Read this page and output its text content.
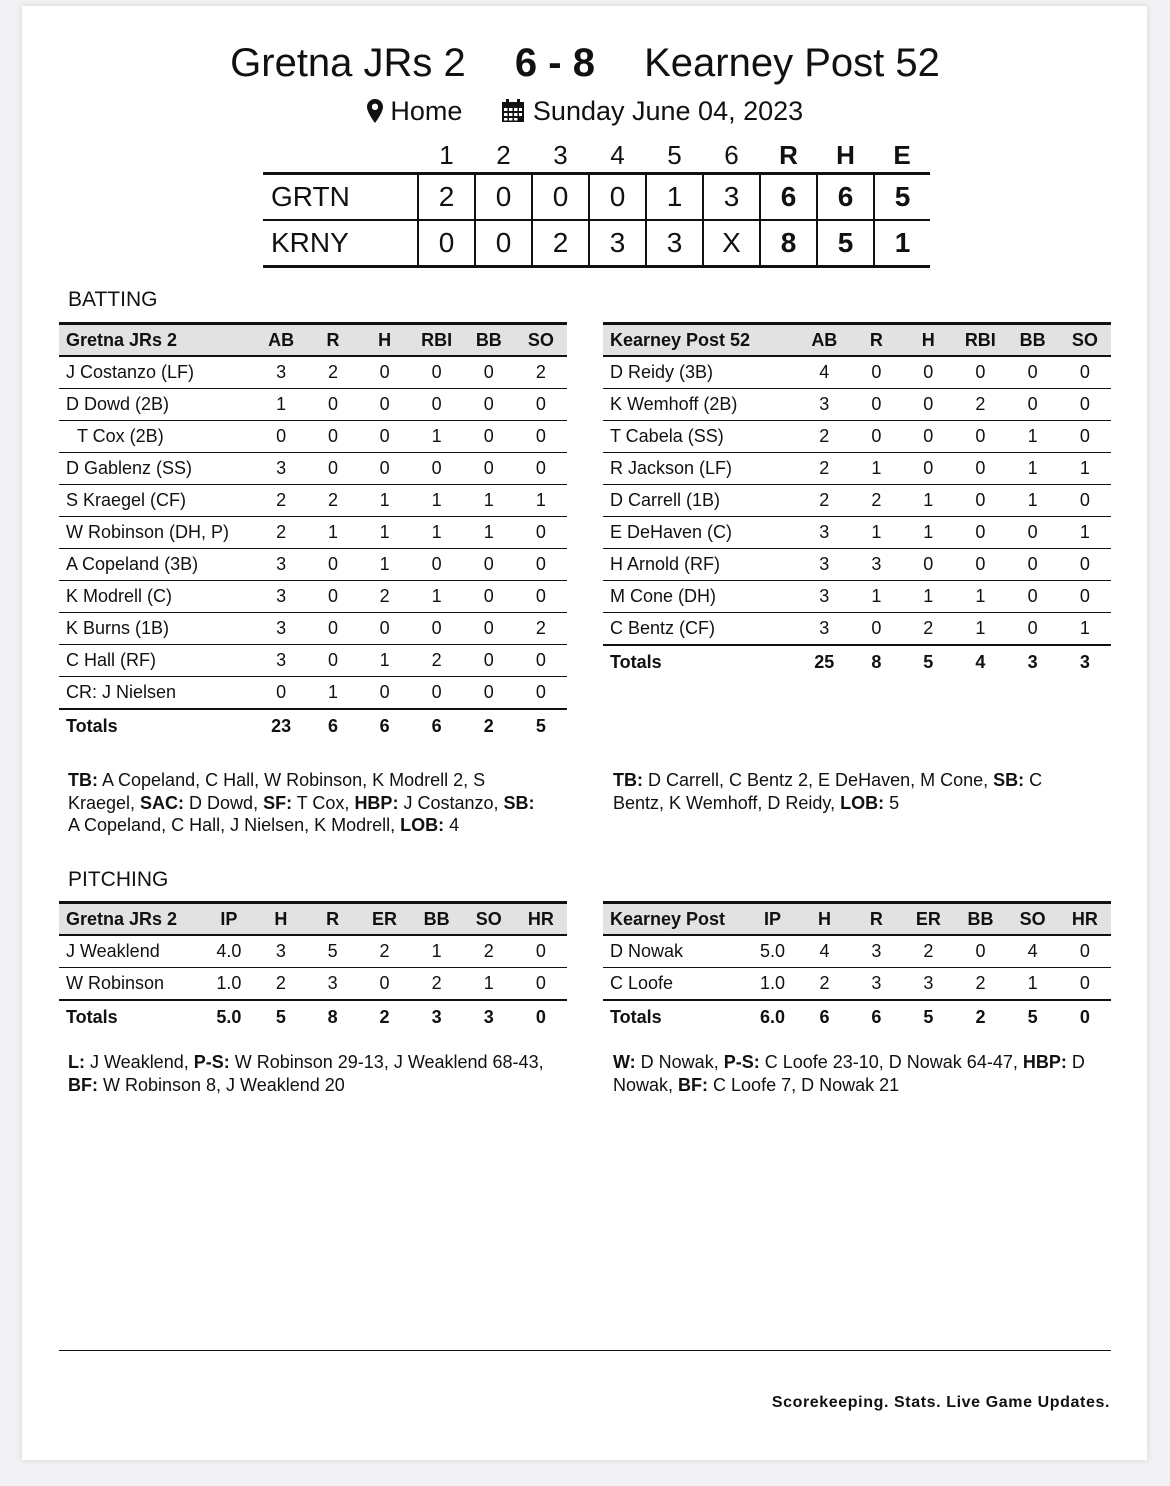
Gretna JRs 2 6 - 8 Kearney Post 52
Home	Sunday June 04, 2023
	1	2	3	4	5	6	R	H	E
GRTN	2	0	0	0	1	3	6	6	5
KRNY	0	0	2	3	3	X	8	5	1
BATTING
Gretna JRs 2	AB	R	H	RBI	BB	SO
J Costanzo (LF)	3	2	0	0	0	2
D Dowd (2B)	1	0	0	0	0	0
T Cox (2B)	0	0	0	1	0	0
D Gablenz (SS)	3	0	0	0	0	0
S Kraegel (CF)	2	2	1	1	1	1
W Robinson (DH, P)	2	1	1	1	1	0
A Copeland (3B)	3	0	1	0	0	0
K Modrell (C)	3	0	2	1	0	0
K Burns (1B)	3	0	0	0	0	2
C Hall (RF)	3	0	1	2	0	0
CR: J Nielsen	0	1	0	0	0	0
Totals	23	6	6	6	2	5
Kearney Post 52	AB	R	H	RBI	BB	SO
D Reidy (3B)	4	0	0	0	0	0
K Wemhoff (2B)	3	0	0	2	0	0
T Cabela (SS)	2	0	0	0	1	0
R Jackson (LF)	2	1	0	0	1	1
D Carrell (1B)	2	2	1	0	1	0
E DeHaven (C)	3	1	1	0	0	1
H Arnold (RF)	3	3	0	0	0	0
M Cone (DH)	3	1	1	1	0	0
C Bentz (CF)	3	0	2	1	0	1
Totals	25	8	5	4	3	3
TB: A Copeland, C Hall, W Robinson, K Modrell 2, S Kraegel, SAC: D Dowd, SF: T Cox, HBP: J Costanzo, SB: A Copeland, C Hall, J Nielsen, K Modrell, LOB: 4
TB: D Carrell, C Bentz 2, E DeHaven, M Cone, SB: C Bentz, K Wemhoff, D Reidy, LOB: 5
PITCHING
Gretna JRs 2	IP	H	R	ER	BB	SO	HR
J Weaklend	4.0	3	5	2	1	2	0
W Robinson	1.0	2	3	0	2	1	0
Totals	5.0	5	8	2	3	3	0
Kearney Post	IP	H	R	ER	BB	SO	HR
D Nowak	5.0	4	3	2	0	4	0
C Loofe	1.0	2	3	3	2	1	0
Totals	6.0	6	6	5	2	5	0
L: J Weaklend, P-S: W Robinson 29-13, J Weaklend 68-43, BF: W Robinson 8, J Weaklend 20
W: D Nowak, P-S: C Loofe 23-10, D Nowak 64-47, HBP: D Nowak, BF: C Loofe 7, D Nowak 21
Scorekeeping. Stats. Live Game Updates.
